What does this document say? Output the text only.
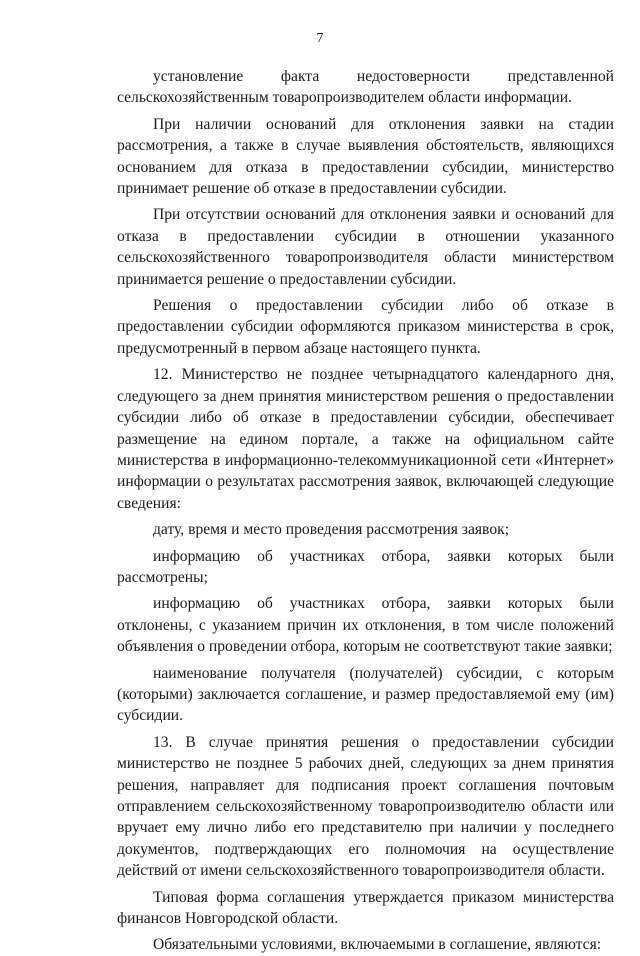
7

установление факта недостоверности представленной сельскохозяйственным товаропроизводителем области информации.

При наличии оснований для отклонения заявки на стадии рассмотрения, а также в случае выявления обстоятельств, являющихся основанием для отказа в предоставлении субсидии, министерство принимает решение об отказе в предоставлении субсидии.

При отсутствии оснований для отклонения заявки и оснований для отказа в предоставлении субсидии в отношении указанного сельскохозяйственного товаропроизводителя области министерством принимается решение о предоставлении субсидии.

Решения о предоставлении субсидии либо об отказе в предоставлении субсидии оформляются приказом министерства в срок, предусмотренный в первом абзаце настоящего пункта.

12. Министерство не позднее четырнадцатого календарного дня, следующего за днем принятия министерством решения о предоставлении субсидии либо об отказе в предоставлении субсидии, обеспечивает размещение на едином портале, а также на официальном сайте министерства в информационно-телекоммуникационной сети «Интернет» информации о результатах рассмотрения заявок, включающей следующие сведения:

дату, время и место проведения рассмотрения заявок;

информацию об участниках отбора, заявки которых были рассмотрены;

информацию об участниках отбора, заявки которых были отклонены, с указанием причин их отклонения, в том числе положений объявления о проведении отбора, которым не соответствуют такие заявки;

наименование получателя (получателей) субсидии, с которым (которыми) заключается соглашение, и размер предоставляемой ему (им) субсидии.

13. В случае принятия решения о предоставлении субсидии министерство не позднее 5 рабочих дней, следующих за днем принятия решения, направляет для подписания проект соглашения почтовым отправлением сельскохозяйственному товаропроизводителю области или вручает ему лично либо его представителю при наличии у последнего документов, подтверждающих его полномочия на осуществление действий от имени сельскохозяйственного товаропроизводителя области.

Типовая форма соглашения утверждается приказом министерства финансов Новгородской области.

Обязательными условиями, включаемыми в соглашение, являются:
